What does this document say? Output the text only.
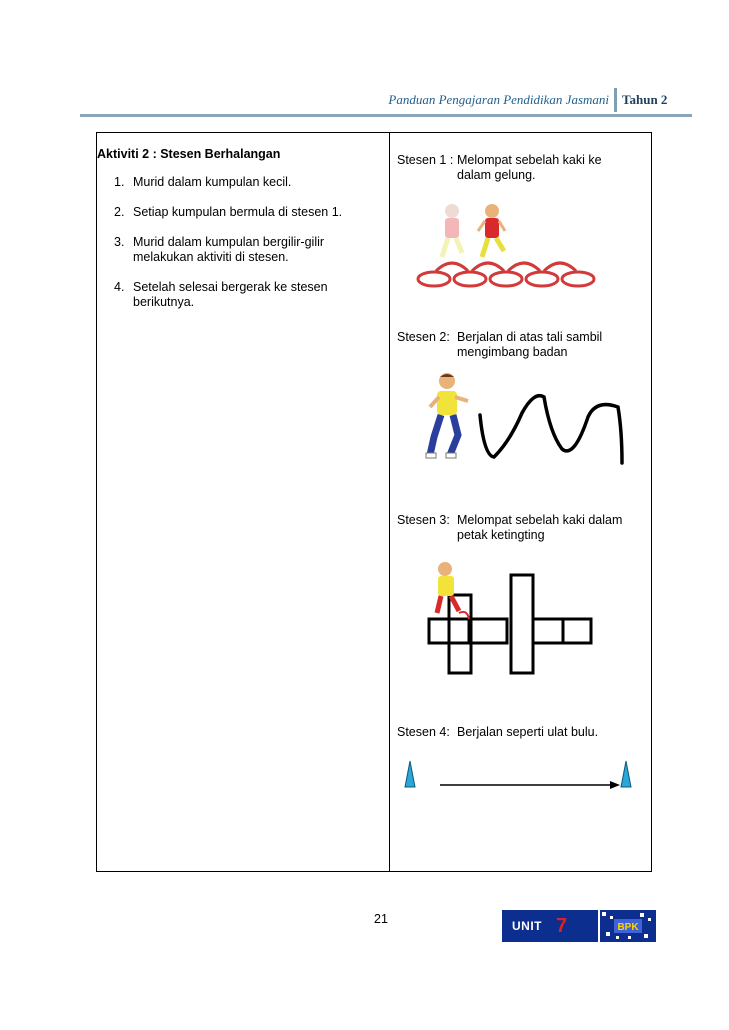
Panduan Pengajaran Pendidikan Jasmani Tahun 2
Aktiviti 2 : Stesen Berhalangan
1. Murid dalam kumpulan kecil.
2. Setiap kumpulan bermula di stesen 1.
3. Murid dalam kumpulan bergilir-gilir melakukan aktiviti di stesen.
4. Setelah selesai bergerak ke stesen berikutnya.
Stesen 1 : Melompat sebelah kaki ke dalam gelung.
Stesen 2: Berjalan di atas tali sambil mengimbang badan
Stesen 3: Melompat sebelah kaki dalam petak ketingting
Stesen 4: Berjalan seperti ulat bulu.
21	UNIT 7	BPK
